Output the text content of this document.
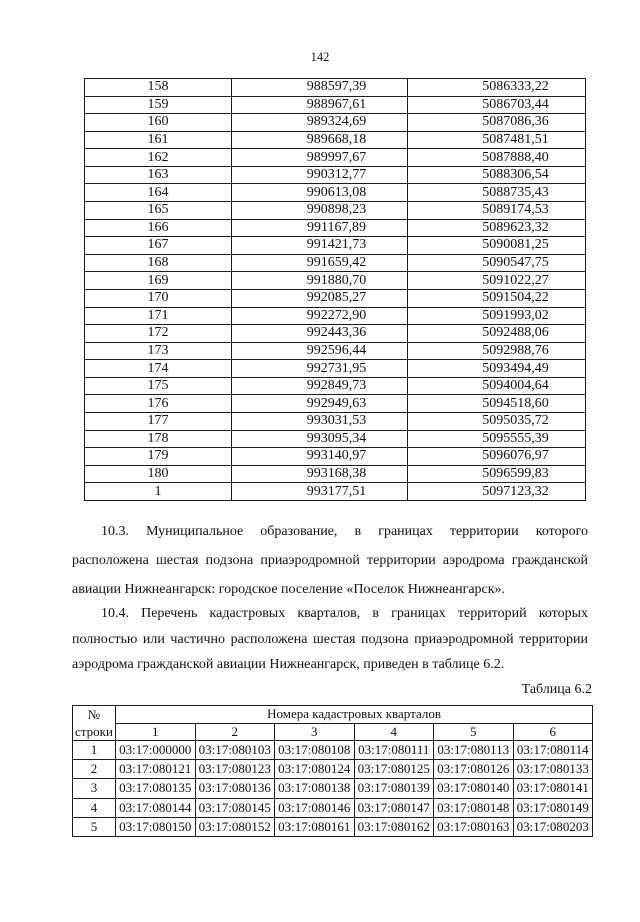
142
158	988597,39	5086333,22
159	988967,61	5086703,44
160	989324,69	5087086,36
161	989668,18	5087481,51
162	989997,67	5087888,40
163	990312,77	5088306,54
164	990613,08	5088735,43
165	990898,23	5089174,53
166	991167,89	5089623,32
167	991421,73	5090081,25
168	991659,42	5090547,75
169	991880,70	5091022,27
170	992085,27	5091504,22
171	992272,90	5091993,02
172	992443,36	5092488,06
173	992596,44	5092988,76
174	992731,95	5093494,49
175	992849,73	5094004,64
176	992949,63	5094518,60
177	993031,53	5095035,72
178	993095,34	5095555,39
179	993140,97	5096076,97
180	993168,38	5096599,83
1	993177,51	5097123,32
10.3. Муниципальное образование, в границах территории которого
расположена шестая подзона приаэродромной территории аэродрома гражданской
авиации Нижнеангарск: городское поселение «Поселок Нижнеангарск».
10.4. Перечень кадастровых кварталов, в границах территорий которых
полностью или частично расположена шестая подзона приаэродромной территории
аэродрома гражданской авиации Нижнеангарск, приведен в таблице 6.2.
Таблица 6.2
№
строки	Номера кадастровых кварталов					
	1	2	3	4	5	6
1	03:17:000000	03:17:080103	03:17:080108	03:17:080111	03:17:080113	03:17:080114
2	03:17:080121	03:17:080123	03:17:080124	03:17:080125	03:17:080126	03:17:080133
3	03:17:080135	03:17:080136	03:17:080138	03:17:080139	03:17:080140	03:17:080141
4	03:17:080144	03:17:080145	03:17:080146	03:17:080147	03:17:080148	03:17:080149
5	03:17:080150	03:17:080152	03:17:080161	03:17:080162	03:17:080163	03:17:080203
